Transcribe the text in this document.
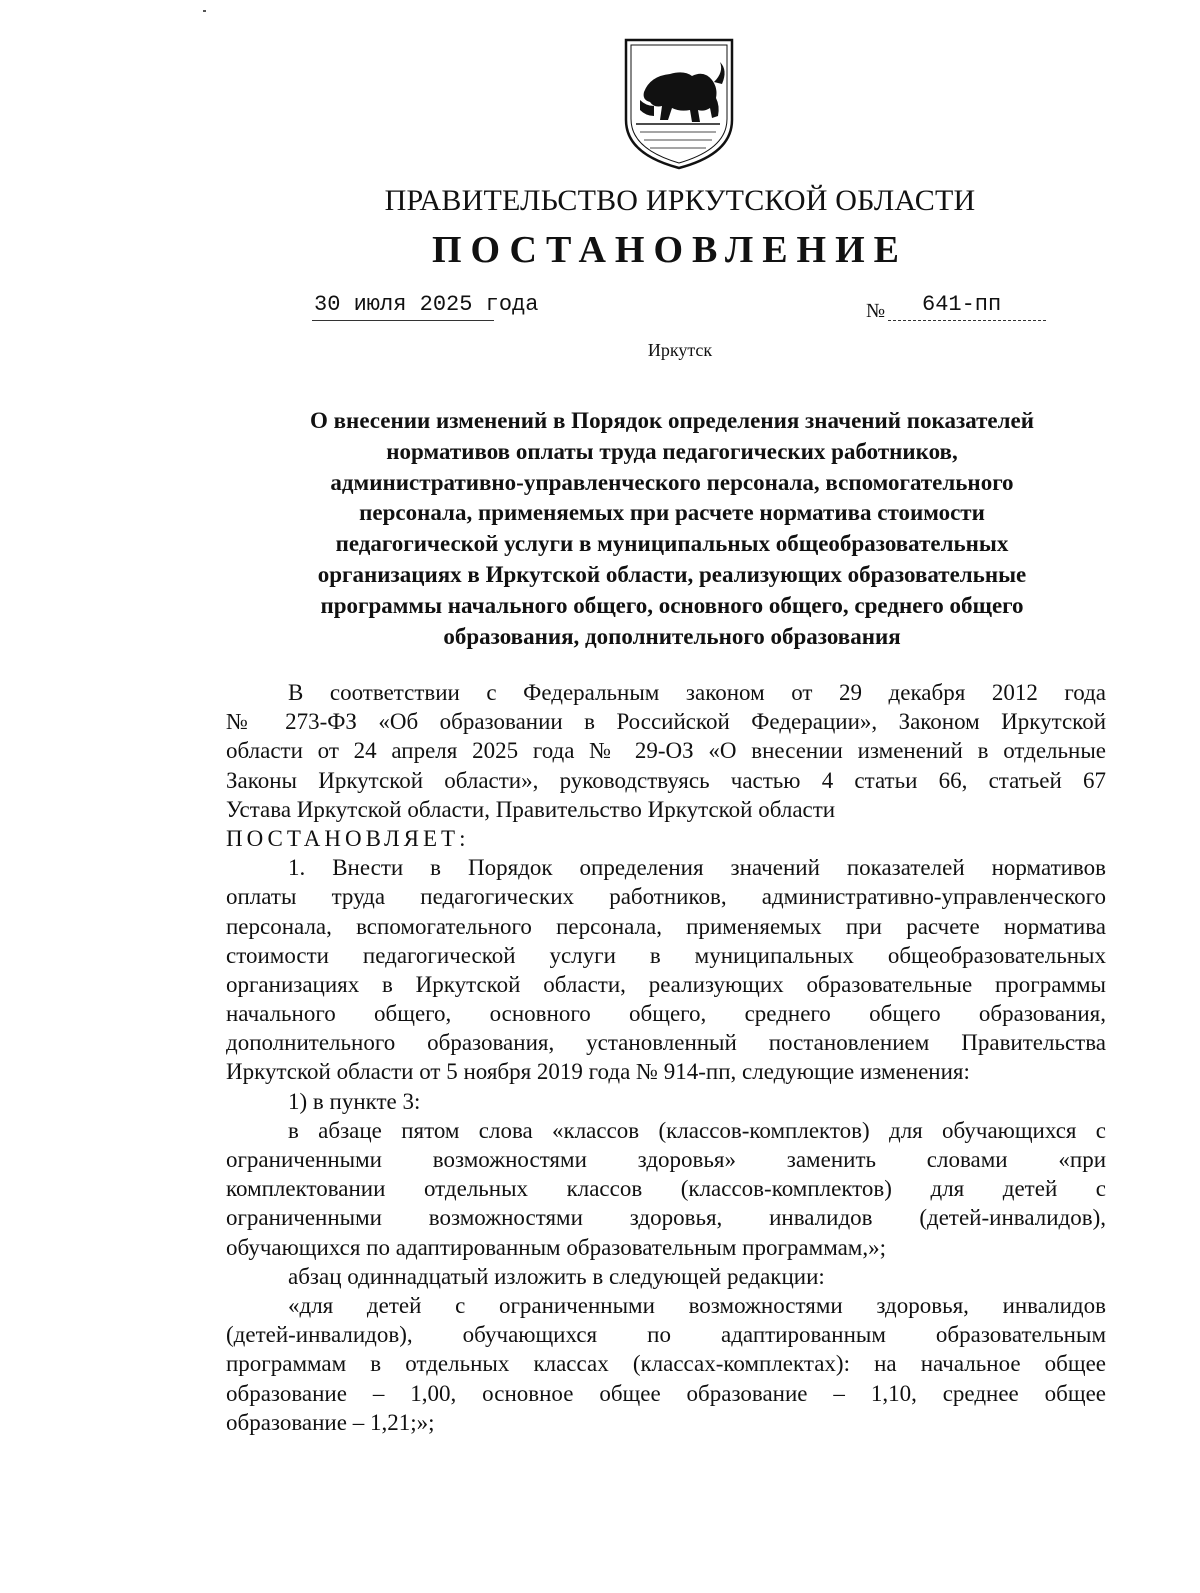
ПРАВИТЕЛЬСТВО ИРКУТСКОЙ ОБЛАСТИ
ПОСТАНОВЛЕНИЕ
30 июля 2025 года	№ 641-пп
Иркутск
О внесении изменений в Порядок определения значений показателей
нормативов оплаты труда педагогических работников,
административно-управленческого персонала, вспомогательного
персонала, применяемых при расчете норматива стоимости
педагогической услуги в муниципальных общеобразовательных
организациях в Иркутской области, реализующих образовательные
программы начального общего, основного общего, среднего общего
образования, дополнительного образования
В соответствии с Федеральным законом от 29 декабря 2012 года
№ 273-ФЗ «Об образовании в Российской Федерации», Законом Иркутской
области от 24 апреля 2025 года № 29-ОЗ «О внесении изменений в отдельные
Законы Иркутской области», руководствуясь частью 4 статьи 66, статьей 67
Устава Иркутской области, Правительство Иркутской области
ПОСТАНОВЛЯЕТ:
1. Внести в Порядок определения значений показателей нормативов
оплаты труда педагогических работников, административно-управленческого
персонала, вспомогательного персонала, применяемых при расчете норматива
стоимости педагогической услуги в муниципальных общеобразовательных
организациях в Иркутской области, реализующих образовательные программы
начального общего, основного общего, среднего общего образования,
дополнительного образования, установленный постановлением Правительства
Иркутской области от 5 ноября 2019 года № 914-пп, следующие изменения:
1) в пункте 3:
в абзаце пятом слова «классов (классов-комплектов) для обучающихся с
ограниченными возможностями здоровья» заменить словами «при
комплектовании отдельных классов (классов-комплектов) для детей с
ограниченными возможностями здоровья, инвалидов (детей-инвалидов),
обучающихся по адаптированным образовательным программам,»;
абзац одиннадцатый изложить в следующей редакции:
«для детей с ограниченными возможностями здоровья, инвалидов
(детей-инвалидов), обучающихся по адаптированным образовательным
программам в отдельных классах (классах-комплектах): на начальное общее
образование – 1,00, основное общее образование – 1,10, среднее общее
образование – 1,21;»;
